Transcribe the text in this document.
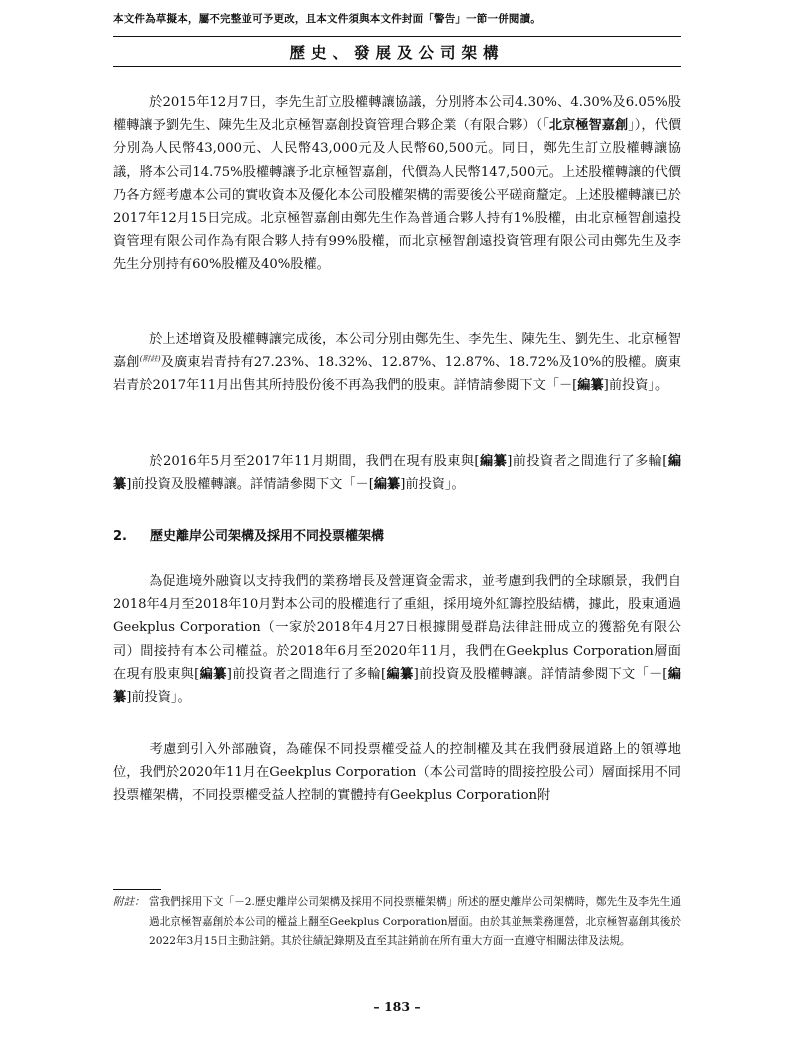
本文件為草擬本，屬不完整並可予更改，且本文件須與本文件封面「警告」一節一併閱讀。
歷史、發展及公司架構
於2015年12月7日，李先生訂立股權轉讓協議，分別將本公司4.30%、4.30%及6.05%股權轉讓予劉先生、陳先生及北京極智嘉創投資管理合夥企業（有限合夥）（「北京極智嘉創」），代價分別為人民幣43,000元、人民幣43,000元及人民幣60,500元。同日，鄭先生訂立股權轉讓協議，將本公司14.75%股權轉讓予北京極智嘉創，代價為人民幣147,500元。上述股權轉讓的代價乃各方經考慮本公司的實收資本及優化本公司股權架構的需要後公平磋商釐定。上述股權轉讓已於2017年12月15日完成。北京極智嘉創由鄭先生作為普通合夥人持有1%股權，由北京極智創遠投資管理有限公司作為有限合夥人持有99%股權，而北京極智創遠投資管理有限公司由鄭先生及李先生分別持有60%股權及40%股權。
於上述增資及股權轉讓完成後，本公司分別由鄭先生、李先生、陳先生、劉先生、北京極智嘉創$^{(附註)}$及廣東岩青持有27.23%、18.32%、12.87%、12.87%、18.72%及10%的股權。廣東岩青於2017年11月出售其所持股份後不再為我們的股東。詳情請參閱下文「－[編纂]前投資」。
於2016年5月至2017年11月期間，我們在現有股東與[編纂]前投資者之間進行了多輪[編纂]前投資及股權轉讓。詳情請參閱下文「－[編纂]前投資」。
2. 歷史離岸公司架構及採用不同投票權架構
為促進境外融資以支持我們的業務增長及營運資金需求，並考慮到我們的全球願景，我們自2018年4月至2018年10月對本公司的股權進行了重組，採用境外紅籌控股結構，據此，股東通過Geekplus Corporation（一家於2018年4月27日根據開曼群島法律註冊成立的獲豁免有限公司）間接持有本公司權益。於2018年6月至2020年11月，我們在Geekplus Corporation層面在現有股東與[編纂]前投資者之間進行了多輪[編纂]前投資及股權轉讓。詳情請參閱下文「－[編纂]前投資」。
考慮到引入外部融資，為確保不同投票權受益人的控制權及其在我們發展道路上的領導地位，我們於2020年11月在Geekplus Corporation（本公司當時的間接控股公司）層面採用不同投票權架構，不同投票權受益人控制的實體持有Geekplus Corporation附
附註： 當我們採用下文「－2.歷史離岸公司架構及採用不同投票權架構」所述的歷史離岸公司架構時，鄭先生及李先生通過北京極智嘉創於本公司的權益上翻至Geekplus Corporation層面。由於其並無業務運營，北京極智嘉創其後於2022年3月15日主動註銷。其於往績記錄期及直至其註銷前在所有重大方面一直遵守相關法律及法規。
– 183 –
